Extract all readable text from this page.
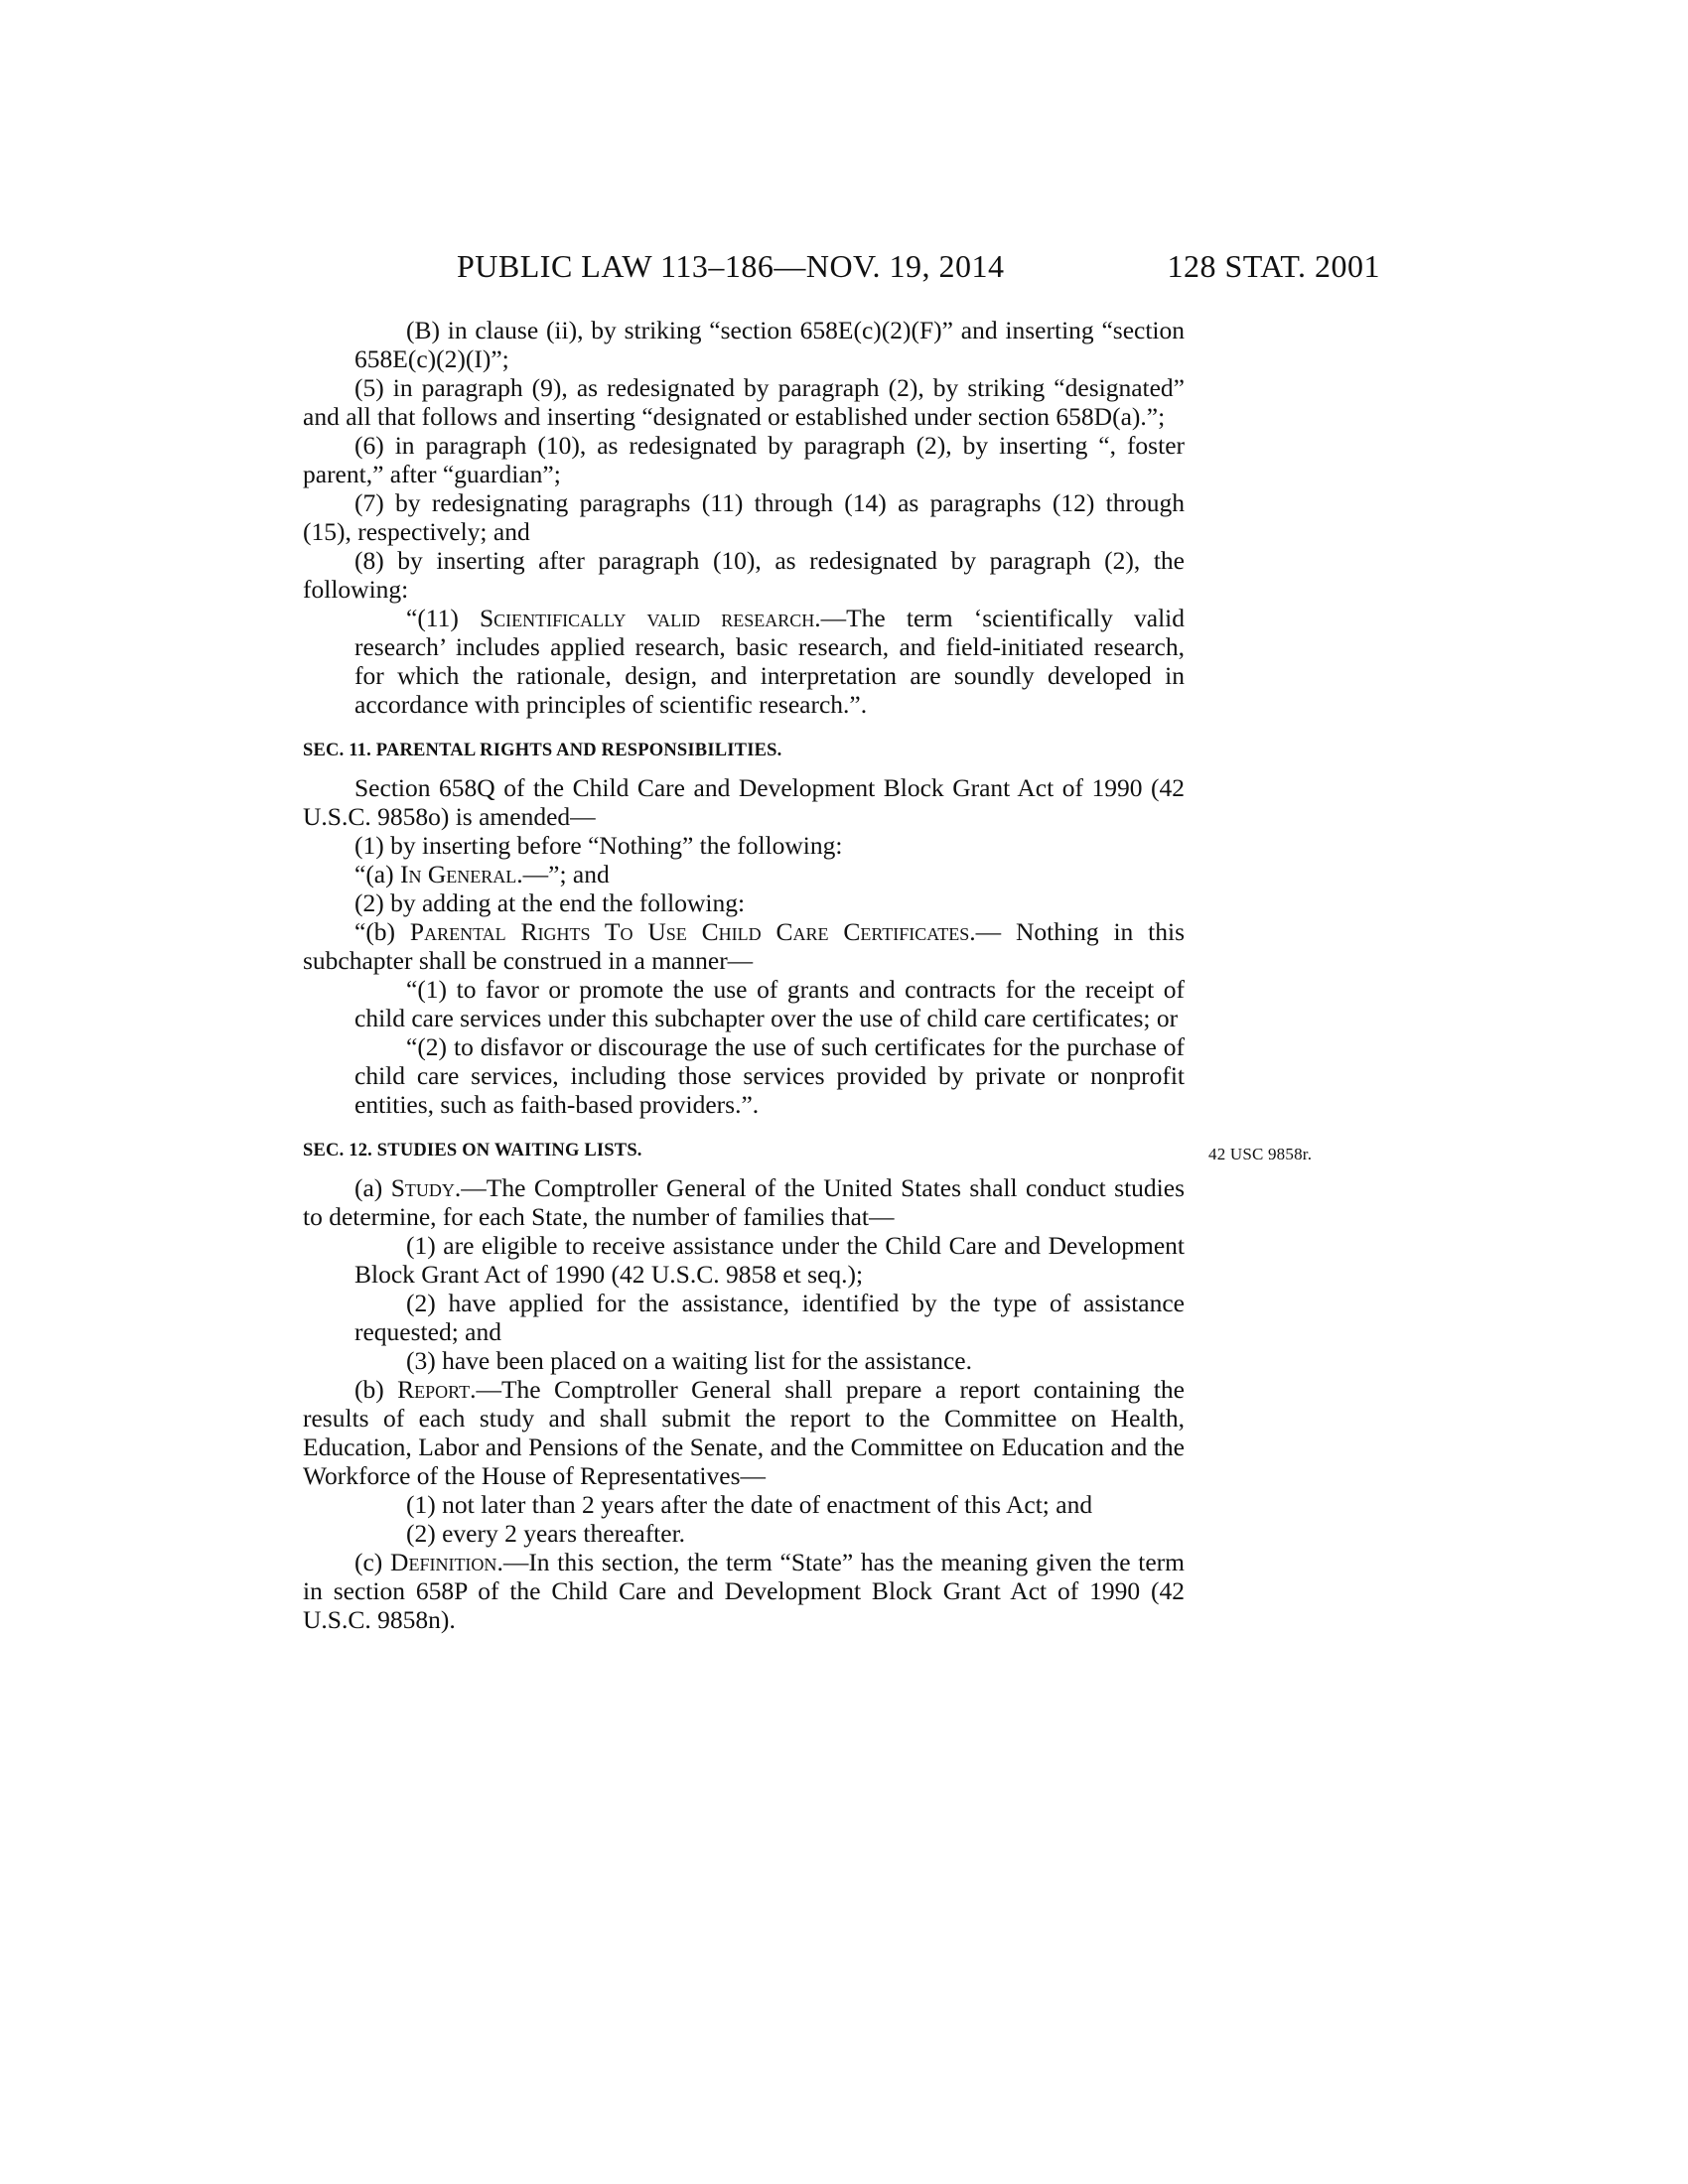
PUBLIC LAW 113–186—NOV. 19, 2014	128 STAT. 2001

(B) in clause (ii), by striking “section 658E(c)(2)(F)” and inserting “section 658E(c)(2)(I)”;

(5) in paragraph (9), as redesignated by paragraph (2), by striking “designated” and all that follows and inserting “designated or established under section 658D(a).”;

(6) in paragraph (10), as redesignated by paragraph (2), by inserting “, foster parent,” after “guardian”;

(7) by redesignating paragraphs (11) through (14) as paragraphs (12) through (15), respectively; and

(8) by inserting after paragraph (10), as redesignated by paragraph (2), the following:

“(11) Scientifically valid research.—The term ‘scientifically valid research’ includes applied research, basic research, and field-initiated research, for which the rationale, design, and interpretation are soundly developed in accordance with principles of scientific research.”.

SEC. 11. PARENTAL RIGHTS AND RESPONSIBILITIES.

Section 658Q of the Child Care and Development Block Grant Act of 1990 (42 U.S.C. 9858o) is amended—

(1) by inserting before “Nothing” the following:

“(a) In General.—”; and

(2) by adding at the end the following:

“(b) Parental Rights To Use Child Care Certificates.— Nothing in this subchapter shall be construed in a manner—

“(1) to favor or promote the use of grants and contracts for the receipt of child care services under this subchapter over the use of child care certificates; or

“(2) to disfavor or discourage the use of such certificates for the purchase of child care services, including those services provided by private or nonprofit entities, such as faith-based providers.”.

SEC. 12. STUDIES ON WAITING LISTS.	42 USC 9858r.

(a) Study.—The Comptroller General of the United States shall conduct studies to determine, for each State, the number of families that—

(1) are eligible to receive assistance under the Child Care and Development Block Grant Act of 1990 (42 U.S.C. 9858 et seq.);

(2) have applied for the assistance, identified by the type of assistance requested; and

(3) have been placed on a waiting list for the assistance.

(b) Report.—The Comptroller General shall prepare a report containing the results of each study and shall submit the report to the Committee on Health, Education, Labor and Pensions of the Senate, and the Committee on Education and the Workforce of the House of Representatives—

(1) not later than 2 years after the date of enactment of this Act; and

(2) every 2 years thereafter.

(c) Definition.—In this section, the term “State” has the meaning given the term in section 658P of the Child Care and Development Block Grant Act of 1990 (42 U.S.C. 9858n).
